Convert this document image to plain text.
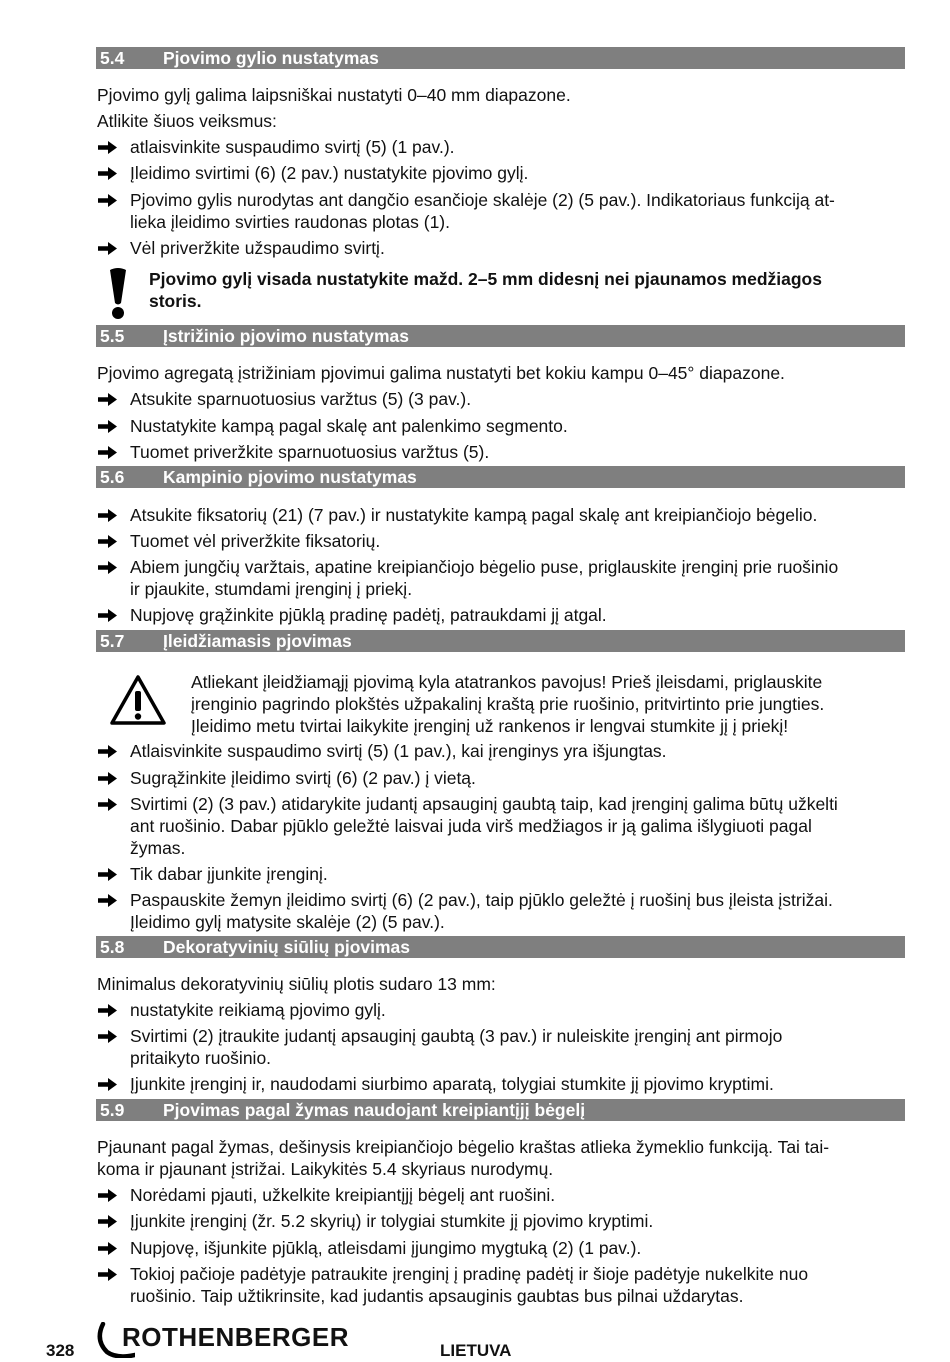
5.4 Pjovimo gylio nustatymas
Pjovimo gylį galima laipsniškai nustatyti 0–40 mm diapazone.
Atlikite šiuos veiksmus:
atlaisvinkite suspaudimo svirtį (5) (1 pav.).
Įleidimo svirtimi (6) (2 pav.) nustatykite pjovimo gylį.
Pjovimo gylis nurodytas ant dangčio esančioje skalėje (2) (5 pav.). Indikatoriaus funkciją at-
lieka įleidimo svirties raudonas plotas (1).
Vėl priveržkite užspaudimo svirtį.
Pjovimo gylį visada nustatykite mažd. 2–5 mm didesnį nei pjaunamos medžiagos
storis.
5.5 Įstrižinio pjovimo nustatymas
Pjovimo agregatą įstrižiniam pjovimui galima nustatyti bet kokiu kampu 0–45° diapazone.
Atsukite sparnuotuosius varžtus (5) (3 pav.).
Nustatykite kampą pagal skalę ant palenkimo segmento.
Tuomet priveržkite sparnuotuosius varžtus (5).
5.6 Kampinio pjovimo nustatymas
Atsukite fiksatorių (21) (7 pav.) ir nustatykite kampą pagal skalę ant kreipiančiojo bėgelio.
Tuomet vėl priveržkite fiksatorių.
Abiem jungčių varžtais, apatine kreipiančiojo bėgelio puse, priglauskite įrenginį prie ruošinio
ir pjaukite, stumdami įrenginį į priekį.
Nupjovę grąžinkite pjūklą pradinę padėtį, patraukdami jį atgal.
5.7 Įleidžiamasis pjovimas
Atliekant įleidžiamąjį pjovimą kyla atatrankos pavojus! Prieš įleisdami, priglauskite
įrenginio pagrindo plokštės užpakalinį kraštą prie ruošinio, pritvirtinto prie jungties.
Įleidimo metu tvirtai laikykite įrenginį už rankenos ir lengvai stumkite jį į priekį!
Atlaisvinkite suspaudimo svirtį (5) (1 pav.), kai įrenginys yra išjungtas.
Sugrąžinkite įleidimo svirtį (6) (2 pav.) į vietą.
Svirtimi (2) (3 pav.) atidarykite judantį apsauginį gaubtą taip, kad įrenginį galima būtų užkelti
ant ruošinio. Dabar pjūklo geležtė laisvai juda virš medžiagos ir ją galima išlygiuoti pagal
žymas.
Tik dabar įjunkite įrenginį.
Paspauskite žemyn įleidimo svirtį (6) (2 pav.), taip pjūklo geležtė į ruošinį bus įleista įstrižai.
Įleidimo gylį matysite skalėje (2) (5 pav.).
5.8 Dekoratyvinių siūlių pjovimas
Minimalus dekoratyvinių siūlių plotis sudaro 13 mm:
nustatykite reikiamą pjovimo gylį.
Svirtimi (2) įtraukite judantį apsauginį gaubtą (3 pav.) ir nuleiskite įrenginį ant pirmojo
pritaikyto ruošinio.
Įjunkite įrenginį ir, naudodami siurbimo aparatą, tolygiai stumkite jį pjovimo kryptimi.
5.9 Pjovimas pagal žymas naudojant kreipiantįjį bėgelį
Pjaunant pagal žymas, dešinysis kreipiančiojo bėgelio kraštas atlieka žymeklio funkciją. Tai tai-
koma ir pjaunant įstrižai. Laikykitės 5.4 skyriaus nurodymų.
Norėdami pjauti, užkelkite kreipiantįjį bėgelį ant ruošini.
Įjunkite įrenginį (žr. 5.2 skyrių) ir tolygiai stumkite jį pjovimo kryptimi.
Nupjovę, išjunkite pjūklą, atleisdami įjungimo mygtuką (2) (1 pav.).
Tokioj pačioje padėtyje patraukite įrenginį į pradinę padėtį ir šioje padėtyje nukelkite nuo
ruošinio. Taip užtikrinsite, kad judantis apsauginis gaubtas bus pilnai uždarytas.
328 ROTHENBERGER	LIETUVA
